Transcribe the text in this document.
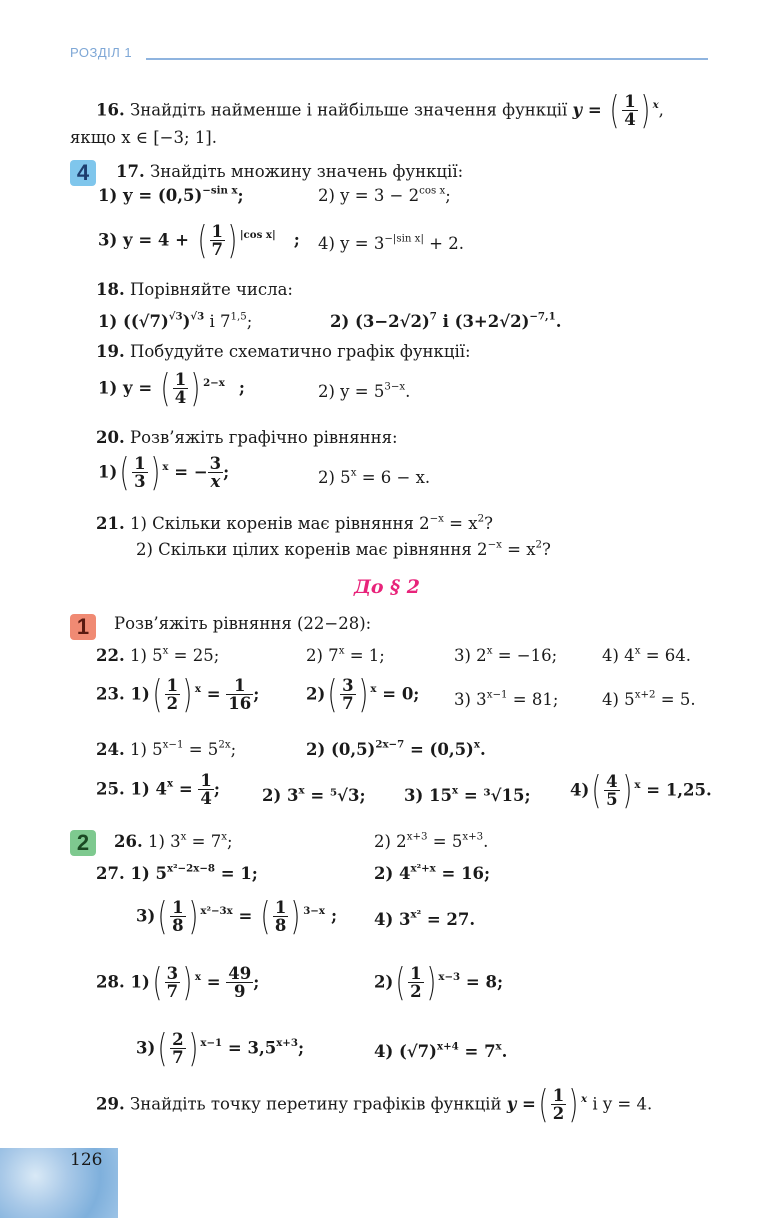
РОЗДІЛ 1
16. Знайдіть найменше і найбільше значення функції y = ( $\frac{1}{4}$ ) $^x$,
якщо x ∈ [−3; 1].
4	17. Знайдіть множину значень функції:
1) $y = (0,5)^{-sin x}$;	2) $y = 3 - 2^{cos x}$;
3) y = 4 + ( $\frac{1}{7}$ ) $^{|cos x|}$ ; 4) $y = 3^{-|sin x|} + 2$.
18. Порівняйте числа:
1) $((√7)^{√3})^{√3}$ і 7$^{1,5}$;	2) $(3-2√2)^7$ і $(3+2√2)^{-7,1}$.
19. Побудуйте схематично графік функції:
1) y = ( $\frac{1}{4}$ ) $^{2-x}$ ;	2) $y = 5^{3-x}$.
20. Розв’яжіть графічно рівняння:
$1)( \frac{1}{3}$ ) $^x$ = − $\frac{3}{x}$ ;	2) $5^x = 6 - x$.
21. 1) Скільки коренів має рівняння $2^{-x} = x^2$?
2) Скільки цілих коренів має рівняння $2^{-x} = x^2$?
До § 2
1	Розв’яжіть рівняння (22−28):
22. 1) $5^x = 25$;	2) $7^x = 1$;	3) $2^x = -16$;	4) $4^x = 64$.
23. $1)( \frac{1}{2}$ ) $^x = \frac{1}{16}$ ;	$2)( \frac{3}{7}$ ) $^x$ = 0; 3) $3^{x-1} = 81$;	4) $5^{x+2} = 5$.
24. 1) $5^{x-1} = 5^{2x}$;	2) $(0,5)^{2x-7} = (0,5)^x$.
25. 1) $4^x = \frac{1}{4}$ ;	2) $3^x = ^5√3$; 3) $15^x = ^3√15$; $4)( \frac{4}{5}$ ) $^x$ = 1,25.
2	26. 1) $3^x = 7^x$;	2) $2^{x+3} = 5^{x+3}$.
27. 1) $5^{x^2-2x-8} = 1$;	2) $4^{x^2+x} = 16$;
$3)( \frac{1}{8}$ ) $^{x^2-3x}$ = ( $\frac{1}{8}$ ) $^{3-x}$ ; 4) $3^{x^2} = 27$.
28. $1)( \frac{3}{7}$ ) $^x = \frac{49}{9}$ ;	$2)( \frac{1}{2}$ ) $^{x-3}$ = 8;
$3)( \frac{2}{7}$ ) $^{x-1} = 3,5^{x+3}$;	4) $(√7)^{x+4} = 7^x$.
29. Знайдіть точку перетину графіків функцій y =( $\frac{1}{2}$ ) $^x$ і y = 4.
126
